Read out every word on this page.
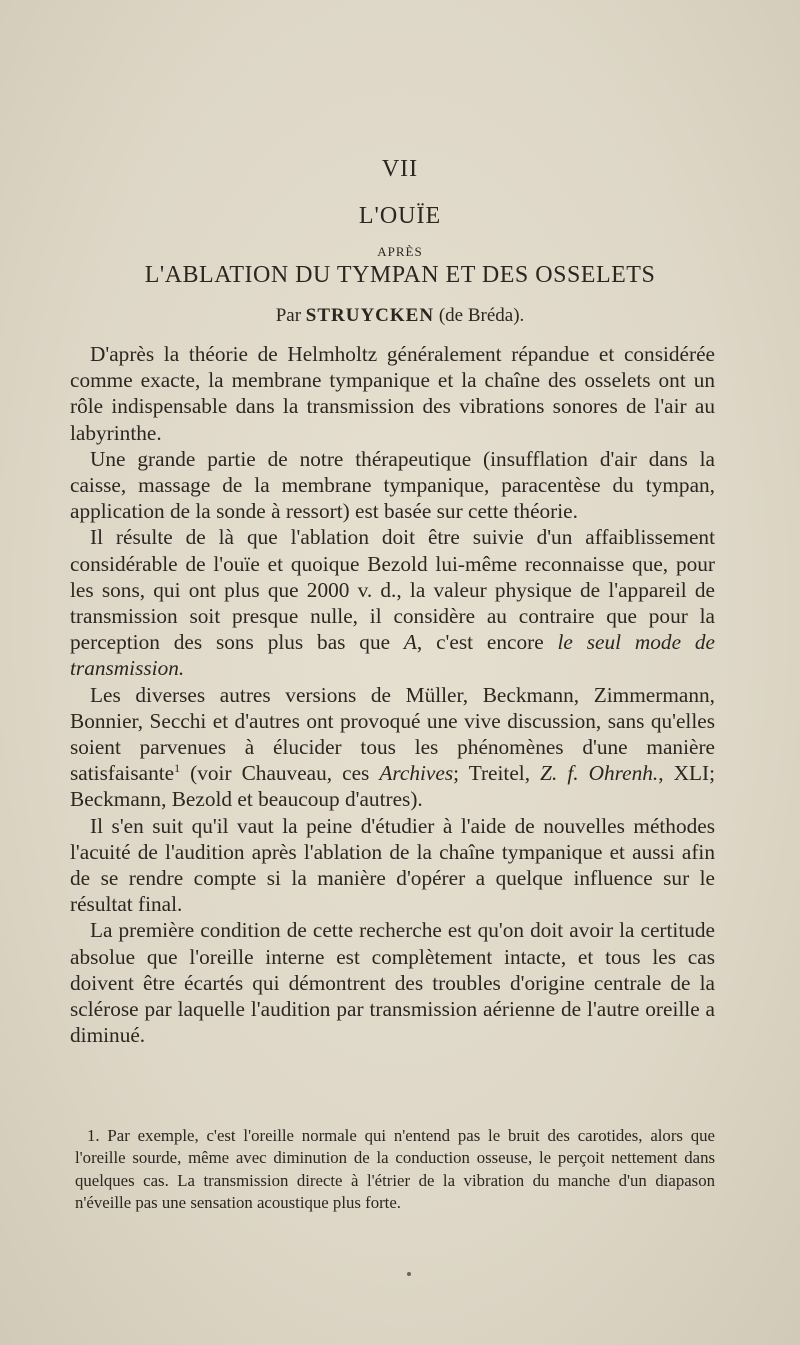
VII
L'OUÏE
APRÈS
L'ABLATION DU TYMPAN ET DES OSSELETS
Par STRUYCKEN (de Bréda).

D'après la théorie de Helmholtz généralement répandue et considérée comme exacte, la membrane tympanique et la chaîne des osselets ont un rôle indispensable dans la transmission des vibrations sonores de l'air au labyrinthe.

Une grande partie de notre thérapeutique (insufflation d'air dans la caisse, massage de la membrane tympanique, paracentèse du tympan, application de la sonde à ressort) est basée sur cette théorie.

Il résulte de là que l'ablation doit être suivie d'un affaiblissement considérable de l'ouïe et quoique Bezold lui-même reconnaisse que, pour les sons, qui ont plus que 2000 v. d., la valeur physique de l'appareil de transmission soit presque nulle, il considère au contraire que pour la perception des sons plus bas que A, c'est encore le seul mode de transmission.

Les diverses autres versions de Müller, Beckmann, Zimmermann, Bonnier, Secchi et d'autres ont provoqué une vive discussion, sans qu'elles soient parvenues à élucider tous les phénomènes d'une manière satisfaisante$^1$ (voir Chauveau, ces Archives; Treitel, Z. f. Ohrenh., XLI; Beckmann, Bezold et beaucoup d'autres).

Il s'en suit qu'il vaut la peine d'étudier à l'aide de nouvelles méthodes l'acuité de l'audition après l'ablation de la chaîne tympanique et aussi afin de se rendre compte si la manière d'opérer a quelque influence sur le résultat final.

La première condition de cette recherche est qu'on doit avoir la certitude absolue que l'oreille interne est complètement intacte, et tous les cas doivent être écartés qui démontrent des troubles d'origine centrale de la sclérose par laquelle l'audition par transmission aérienne de l'autre oreille a diminué.

1. Par exemple, c'est l'oreille normale qui n'entend pas le bruit des carotides, alors que l'oreille sourde, même avec diminution de la conduction osseuse, le perçoit nettement dans quelques cas. La transmission directe à l'étrier de la vibration du manche d'un diapason n'éveille pas une sensation acoustique plus forte.
